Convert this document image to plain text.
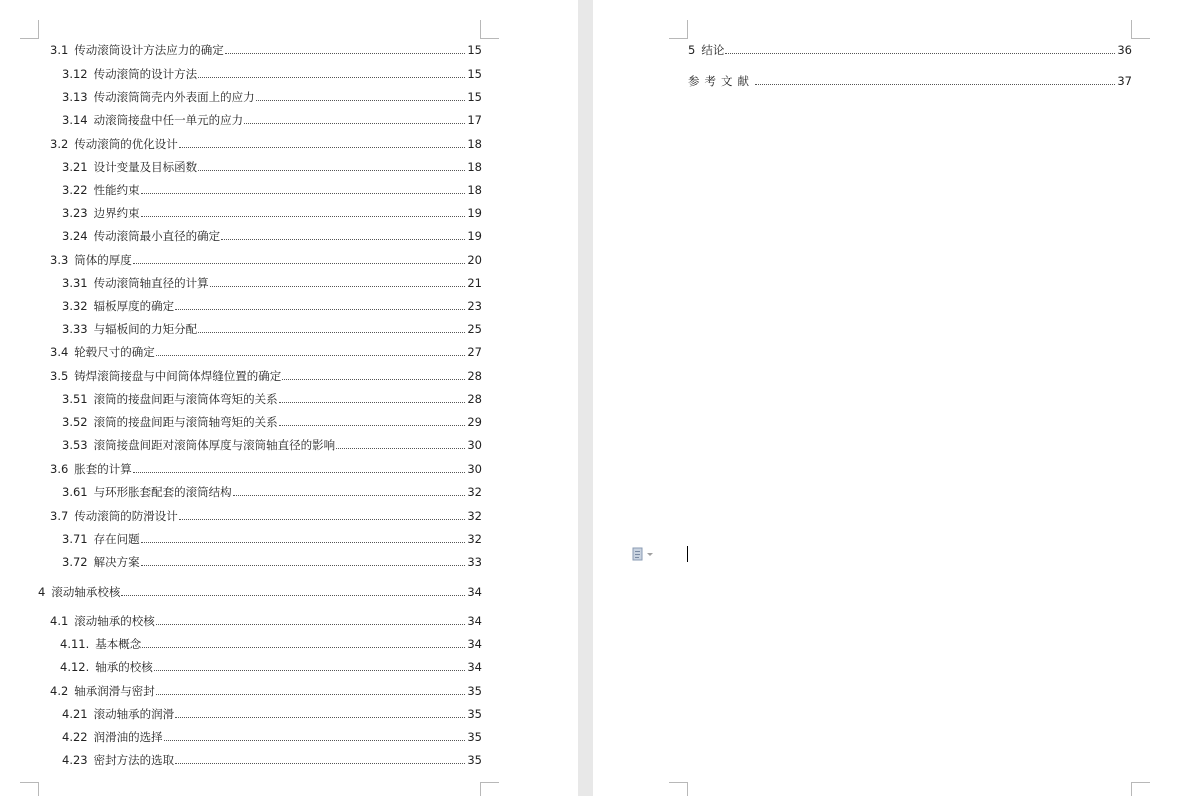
3.1 传动滚筒设计方法应力的确定	15
3.12 传动滚筒的设计方法	15
3.13 传动滚筒筒壳内外表面上的应力	15
3.14 动滚筒接盘中任一单元的应力	17
3.2 传动滚筒的优化设计	18
3.21 设计变量及目标函数	18
3.22 性能约束	18
3.23 边界约束	19
3.24 传动滚筒最小直径的确定	19
3.3 筒体的厚度	20
3.31 传动滚筒轴直径的计算	21
3.32 辐板厚度的确定	23
3.33 与辐板间的力矩分配	25
3.4 轮毂尺寸的确定	27
3.5 铸焊滚筒接盘与中间筒体焊缝位置的确定	28
3.51 滚筒的接盘间距与滚筒体弯矩的关系	28
3.52 滚筒的接盘间距与滚筒轴弯矩的关系	29
3.53 滚筒接盘间距对滚筒体厚度与滚筒轴直径的影响	30
3.6 胀套的计算	30
3.61 与环形胀套配套的滚筒结构	32
3.7 传动滚筒的防滑设计	32
3.71 存在问题	32
3.72 解决方案	33
4 滚动轴承校核	34
4.1 滚动轴承的校核	34
4.11. 基本概念	34
4.12. 轴承的校核	34
4.2 轴承润滑与密封	35
4.21 滚动轴承的润滑	35
4.22 润滑油的选择	35
4.23 密封方法的选取	35
5 结论	36
参考文献	37
